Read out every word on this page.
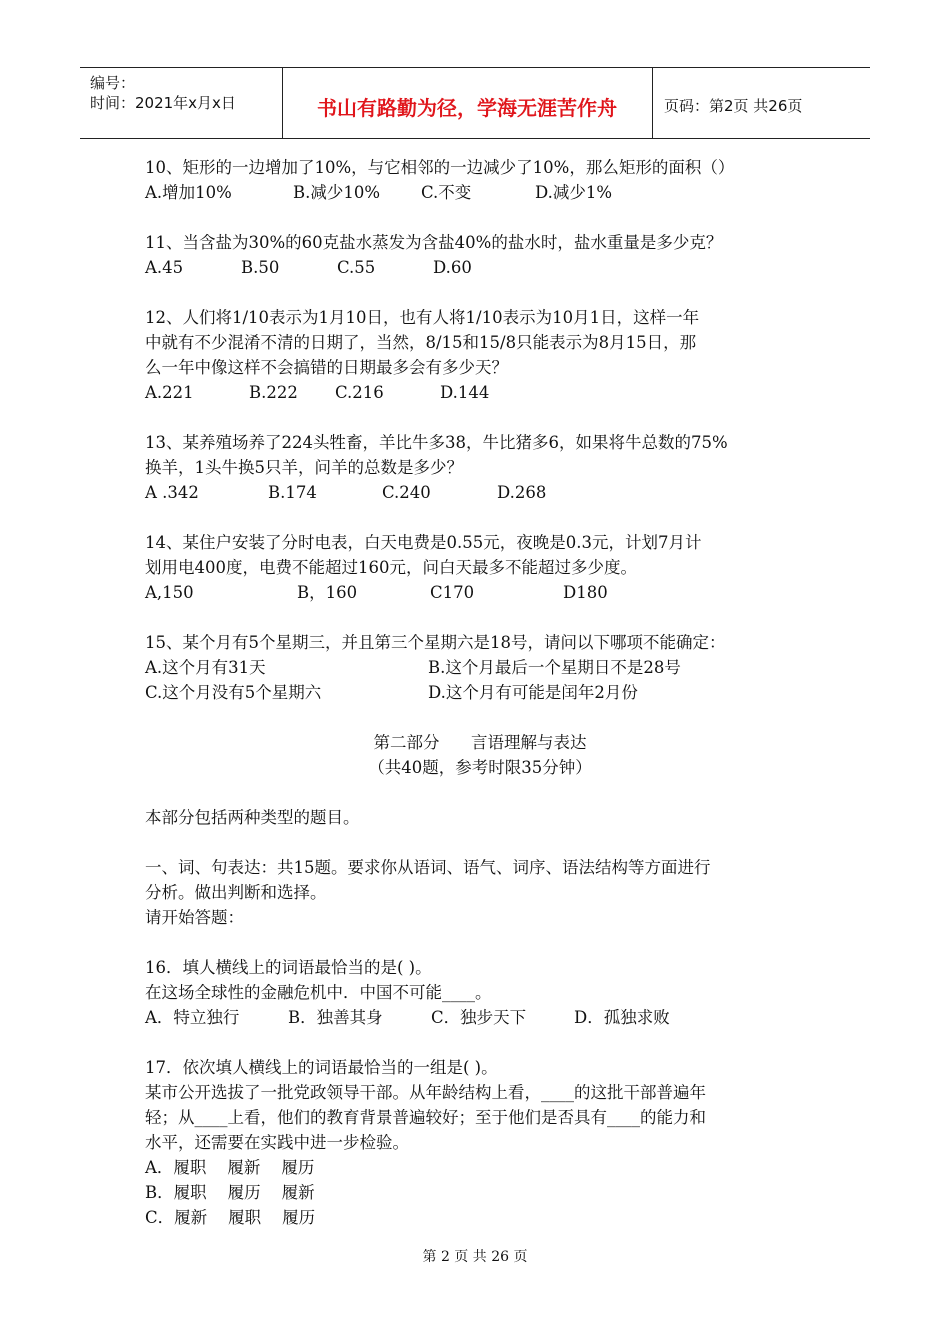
编号：
时间：2021年x月x日	书山有路勤为径，学海无涯苦作舟	页码：第2页 共26页

10、矩形的一边增加了10%，与它相邻的一边减少了10%，那么矩形的面积（）

A.增加10%	B.减少10%	C.不变	D.减少1%

11、当含盐为30%的60克盐水蒸发为含盐40%的盐水时，盐水重量是多少克？

A.45	B.50	C.55	D.60

12、人们将1/10表示为1月10日，也有人将1/10表示为10月1日，这样一年

中就有不少混淆不清的日期了，当然，8/15和15/8只能表示为8月15日，那

么一年中像这样不会搞错的日期最多会有多少天？

A.221	B.222	C.216	D.144

13、某养殖场养了224头牲畜，羊比牛多38，牛比猪多6，如果将牛总数的75%

换羊，1头牛换5只羊，问羊的总数是多少？

A .342	B.174	C.240	D.268

14、某住户安装了分时电表，白天电费是0.55元，夜晚是0.3元，计划7月计

划用电400度，电费不能超过160元，问白天最多不能超过多少度。

A,150	B，160	C170	D180

15、某个月有5个星期三，并且第三个星期六是18号，请问以下哪项不能确定：

A.这个月有31天	B.这个月最后一个星期日不是28号
C.这个月没有5个星期六	D.这个月有可能是闰年2月份

第二部分      言语理解与表达

（共40题，参考时限35分钟）

本部分包括两种类型的题目。

一、词、句表达：共15题。要求你从语词、语气、词序、语法结构等方面进行

分析。做出判断和选择。

请开始答题：

16．填人横线上的词语最恰当的是( )。

在这场全球性的金融危机中．中国不可能____。

A．特立独行	B．独善其身	C．独步天下	D．孤独求败

17．依次填人横线上的词语最恰当的一组是( )。

某市公开选拔了一批党政领导干部。从年龄结构上看，____的这批干部普遍年

轻；从____上看，他们的教育背景普遍较好；至于他们是否具有____的能力和

水平，还需要在实践中进一步检验。

A．履职    履新    履历

B．履职    履历    履新

C．履新    履职    履历

第 2 页 共 26 页
